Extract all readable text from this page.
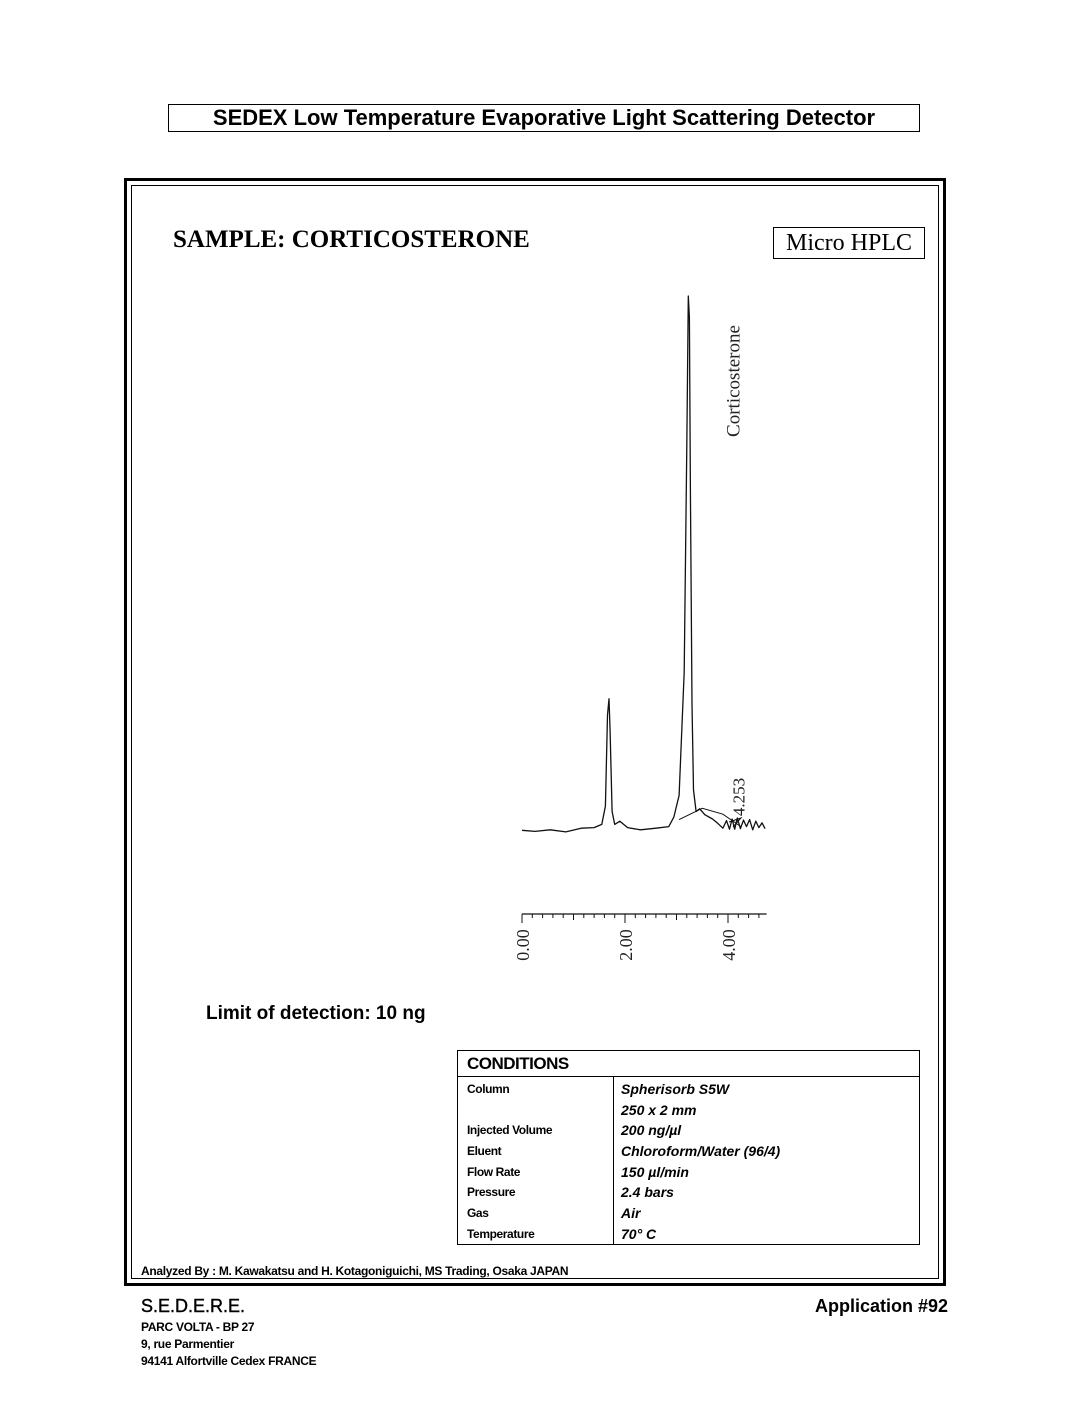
SEDEX Low Temperature Evaporative Light Scattering Detector
SAMPLE: CORTICOSTERONE	Micro HPLC
0.00	2.00	4.00
Corticosterone
4.253
Limit of detection: 10 ng
CONDITIONS
Column	Spherisorb S5W
250 x 2 mm
Injected Volume	200 ng/µl
Eluent	Chloroform/Water (96/4)
Flow Rate	150 µl/min
Pressure	2.4 bars
Gas	Air
Temperature	70° C
Analyzed By : M. Kawakatsu and H. Kotagoniguichi, MS Trading, Osaka JAPAN
S.E.D.E.R.E.
PARC VOLTA - BP 27
9, rue Parmentier
94141 Alfortville Cedex FRANCE
Application #92
